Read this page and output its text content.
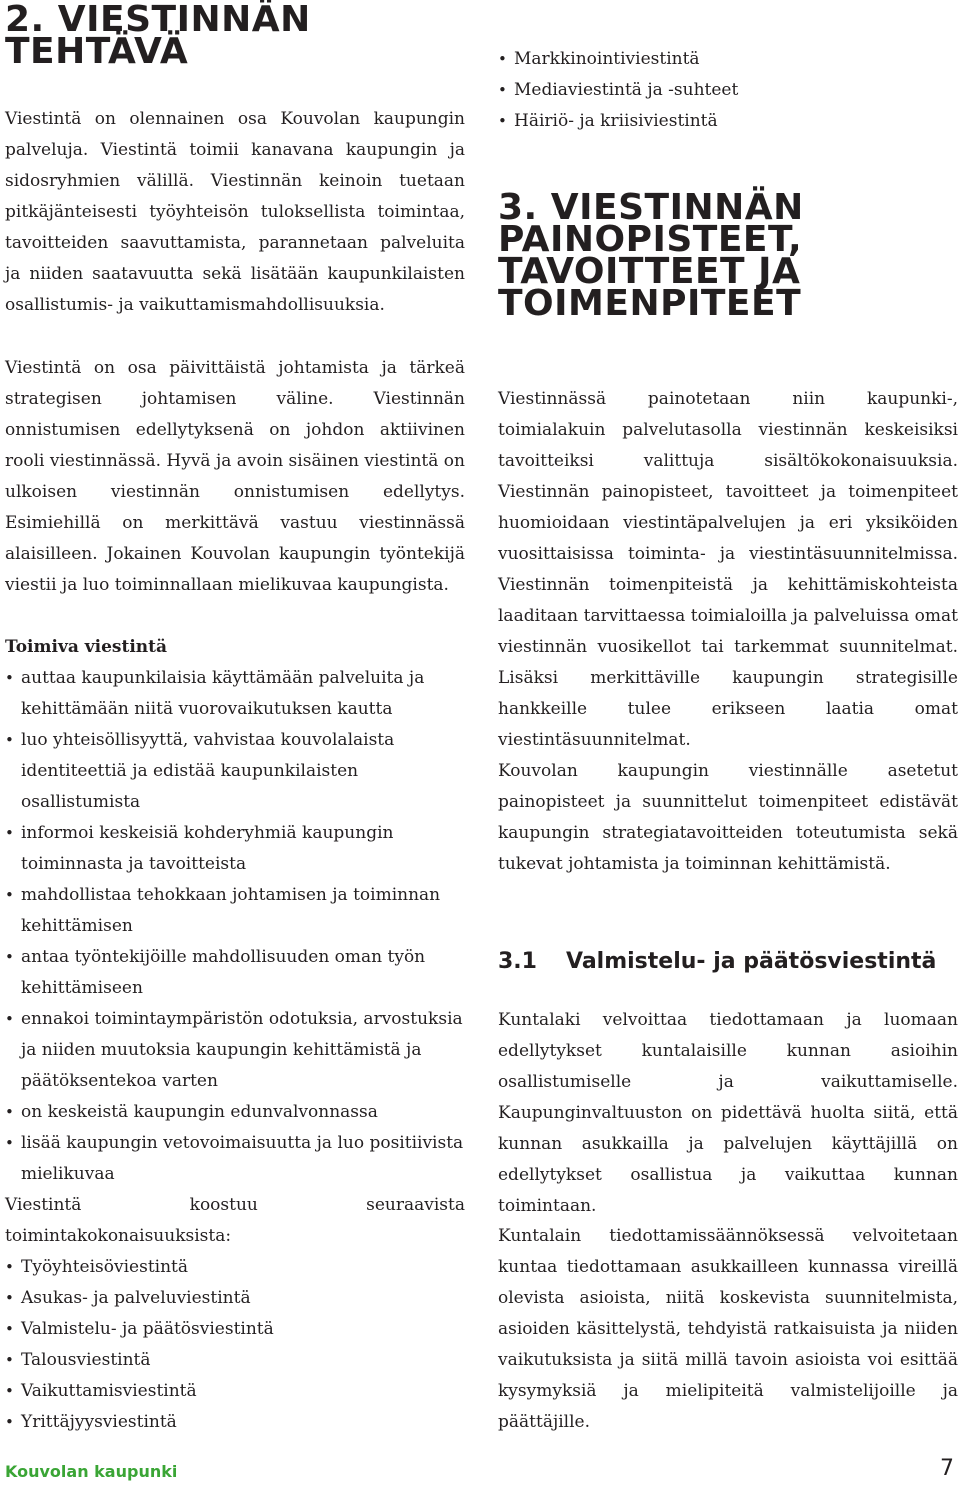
2. VIESTINNÄN
TEHTÄVÄ

Viestintä on olennainen osa Kouvolan kaupungin palveluja. Viestintä toimii kanavana kaupungin ja sidosryhmien välillä. Viestinnän keinoin tuetaan pitkäjänteisesti työyhteisön tuloksellista toimintaa, tavoitteiden saavuttamista, parannetaan palveluita ja niiden saatavuutta sekä lisätään kaupunkilaisten osallistumis- ja vaikuttamismahdollisuuksia.

Viestintä on osa päivittäistä johtamista ja tärkeä strategisen johtamisen väline. Viestinnän onnistumisen edellytyksenä on johdon aktiivinen rooli viestinnässä. Hyvä ja avoin sisäinen viestintä on ulkoisen viestinnän onnistumisen edellytys. Esimiehillä on merkittävä vastuu viestinnässä alaisilleen. Jokainen Kouvolan kaupungin työntekijä viestii ja luo toiminnallaan mielikuvaa kaupungista.

Toimiva viestintä

• auttaa kaupunkilaisia käyttämään palveluita ja kehittämään niitä vuorovaikutuksen kautta
• luo yhteisöllisyyttä, vahvistaa kouvolalaista identiteettiä ja edistää kaupunkilaisten osallistumista
• informoi keskeisiä kohderyhmiä kaupungin toiminnasta ja tavoitteista
• mahdollistaa tehokkaan johtamisen ja toiminnan kehittämisen
• antaa työntekijöille mahdollisuuden oman työn kehittämiseen
• ennakoi toimintaympäristön odotuksia, arvostuksia ja niiden muutoksia kaupungin kehittämistä ja päätöksentekoa varten
• on keskeistä kaupungin edunvalvonnassa
• lisää kaupungin vetovoimaisuutta ja luo positiivista mielikuvaa

Viestintä koostuu seuraavista toimintakokonaisuuksista:

• Työyhteisöviestintä
• Asukas- ja palveluviestintä
• Valmistelu- ja päätösviestintä
• Talousviestintä
• Vaikuttamisviestintä
• Yrittäjyysviestintä
• Markkinointiviestintä
• Mediaviestintä ja -suhteet
• Häiriö- ja kriisiviestintä
3. VIESTINNÄN
PAINOPISTEET,
TAVOITTEET JA
TOIMENPITEET

Viestinnässä painotetaan niin kaupunki-, toimialakuin palvelutasolla viestinnän keskeisiksi tavoitteiksi valittuja sisältökokonaisuuksia. Viestinnän painopisteet, tavoitteet ja toimenpiteet huomioidaan viestintäpalvelujen ja eri yksiköiden vuosittaisissa toiminta- ja viestintäsuunnitelmissa. Viestinnän toimenpiteistä ja kehittämiskohteista laaditaan tarvittaessa toimialoilla ja palveluissa omat viestinnän vuosikellot tai tarkemmat suunnitelmat. Lisäksi merkittäville kaupungin strategisille hankkeille tulee erikseen laatia omat viestintäsuunnitelmat.

Kouvolan kaupungin viestinnälle asetetut painopisteet ja suunnittelut toimenpiteet edistävät kaupungin strategiatavoitteiden toteutumista sekä tukevat johtamista ja toiminnan kehittämistä.

3.1 Valmistelu- ja päätösviestintä

Kuntalaki velvoittaa tiedottamaan ja luomaan edellytykset kuntalaisille kunnan asioihin osallistumiselle ja vaikuttamiselle. Kaupunginvaltuuston on pidettävä huolta siitä, että kunnan asukkailla ja palvelujen käyttäjillä on edellytykset osallistua ja vaikuttaa kunnan toimintaan.

Kuntalain tiedottamissäännöksessä velvoitetaan kuntaa tiedottamaan asukkailleen kunnassa vireillä olevista asioista, niitä koskevista suunnitelmista, asioiden käsittelystä, tehdyistä ratkaisuista ja niiden vaikutuksista ja siitä millä tavoin asioista voi esittää kysymyksiä ja mielipiteitä valmistelijoille ja päättäjille.

Kouvolan kaupunki	7
